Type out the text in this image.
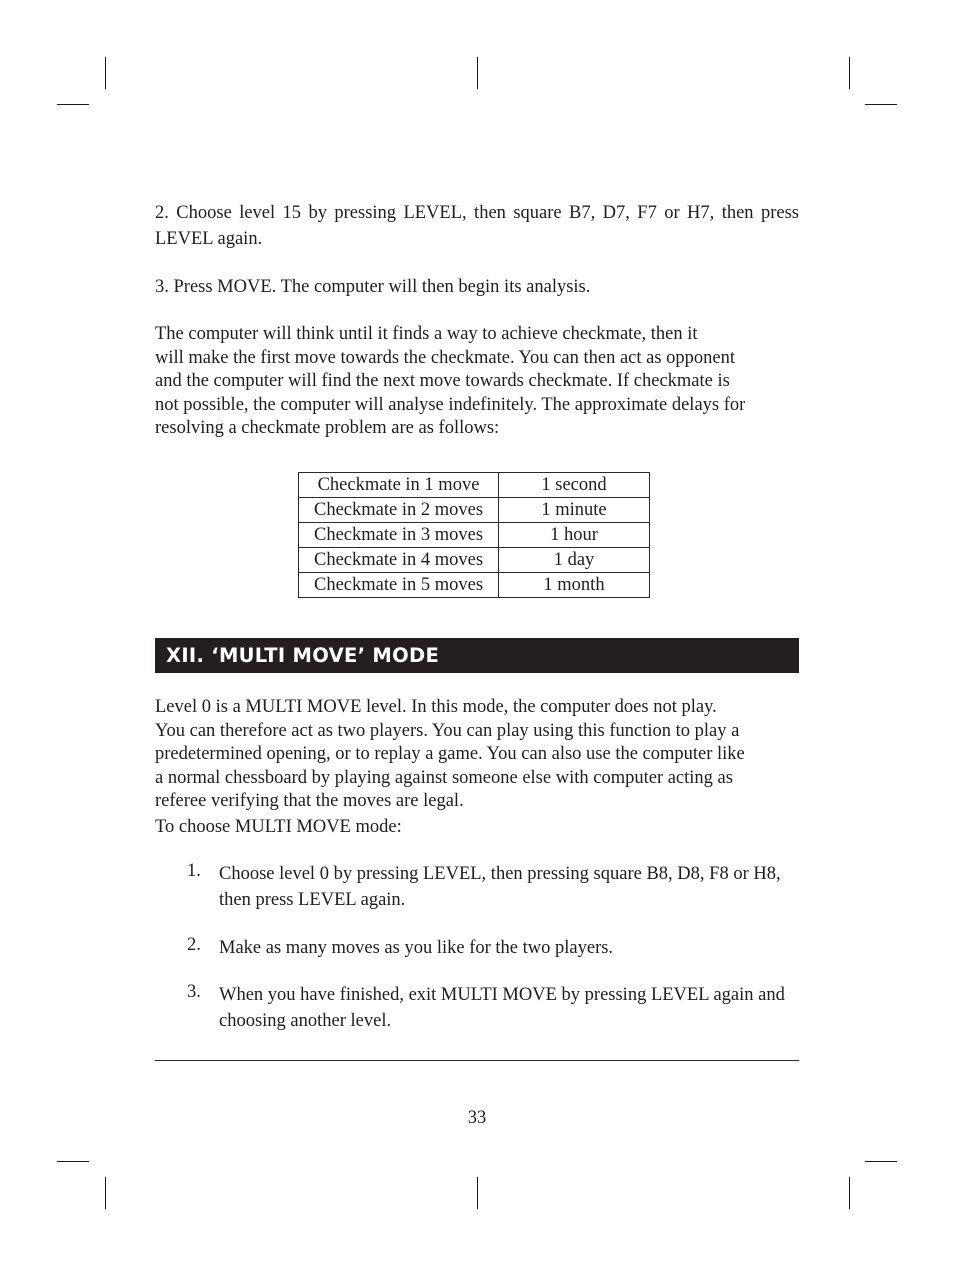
2. Choose level 15 by pressing LEVEL, then square B7, D7, F7 or H7, then press LEVEL again.

3. Press MOVE. The computer will then begin its analysis.

The computer will think until it finds a way to achieve checkmate, then it
will make the first move towards the checkmate. You can then act as opponent
and the computer will find the next move towards checkmate. If checkmate is
not possible, the computer will analyse indefinitely. The approximate delays for
resolving a checkmate problem are as follows:

Checkmate in 1 move	1 second
Checkmate in 2 moves	1 minute
Checkmate in 3 moves	1 hour
Checkmate in 4 moves	1 day
Checkmate in 5 moves	1 month
XII. ‘MULTI MOVE’ MODE

Level 0 is a MULTI MOVE level. In this mode, the computer does not play.
You can therefore act as two players. You can play using this function to play a
predetermined opening, or to replay a game. You can also use the computer like
a normal chessboard by playing against someone else with computer acting as
referee verifying that the moves are legal.

To choose MULTI MOVE mode:

1. Choose level 0 by pressing LEVEL, then pressing square B8, D8, F8 or H8, then press LEVEL again.
2. Make as many moves as you like for the two players.
3. When you have finished, exit MULTI MOVE by pressing LEVEL again and choosing another level.
33
